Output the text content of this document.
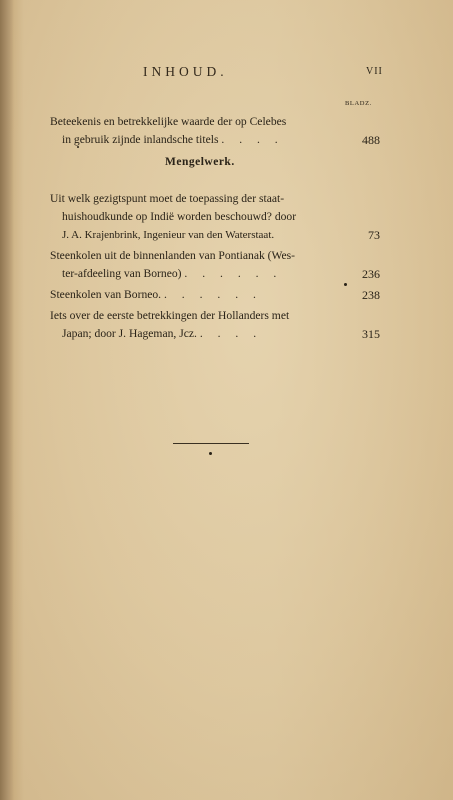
INHOUD.	VII
BLADZ.
Beteekenis en betrekkelijke waarde der op Celebes
in gebruik zijnde inlandsche titels . . . .	488
Mengelwerk.
Uit welk gezigtspunt moet de toepassing der staat-
huishoudkunde op Indië worden beschouwd? door
J. A. Krajenbrink, Ingenieur van den Waterstaat.	73
Steenkolen uit de binnenlanden van Pontianak (Wes-
ter-afdeeling van Borneo) . . . . . .	236
Steenkolen van Borneo. . . . . . .	238
Iets over de eerste betrekkingen der Hollanders met
Japan; door J. Hageman, Jcz. . . . .	315
